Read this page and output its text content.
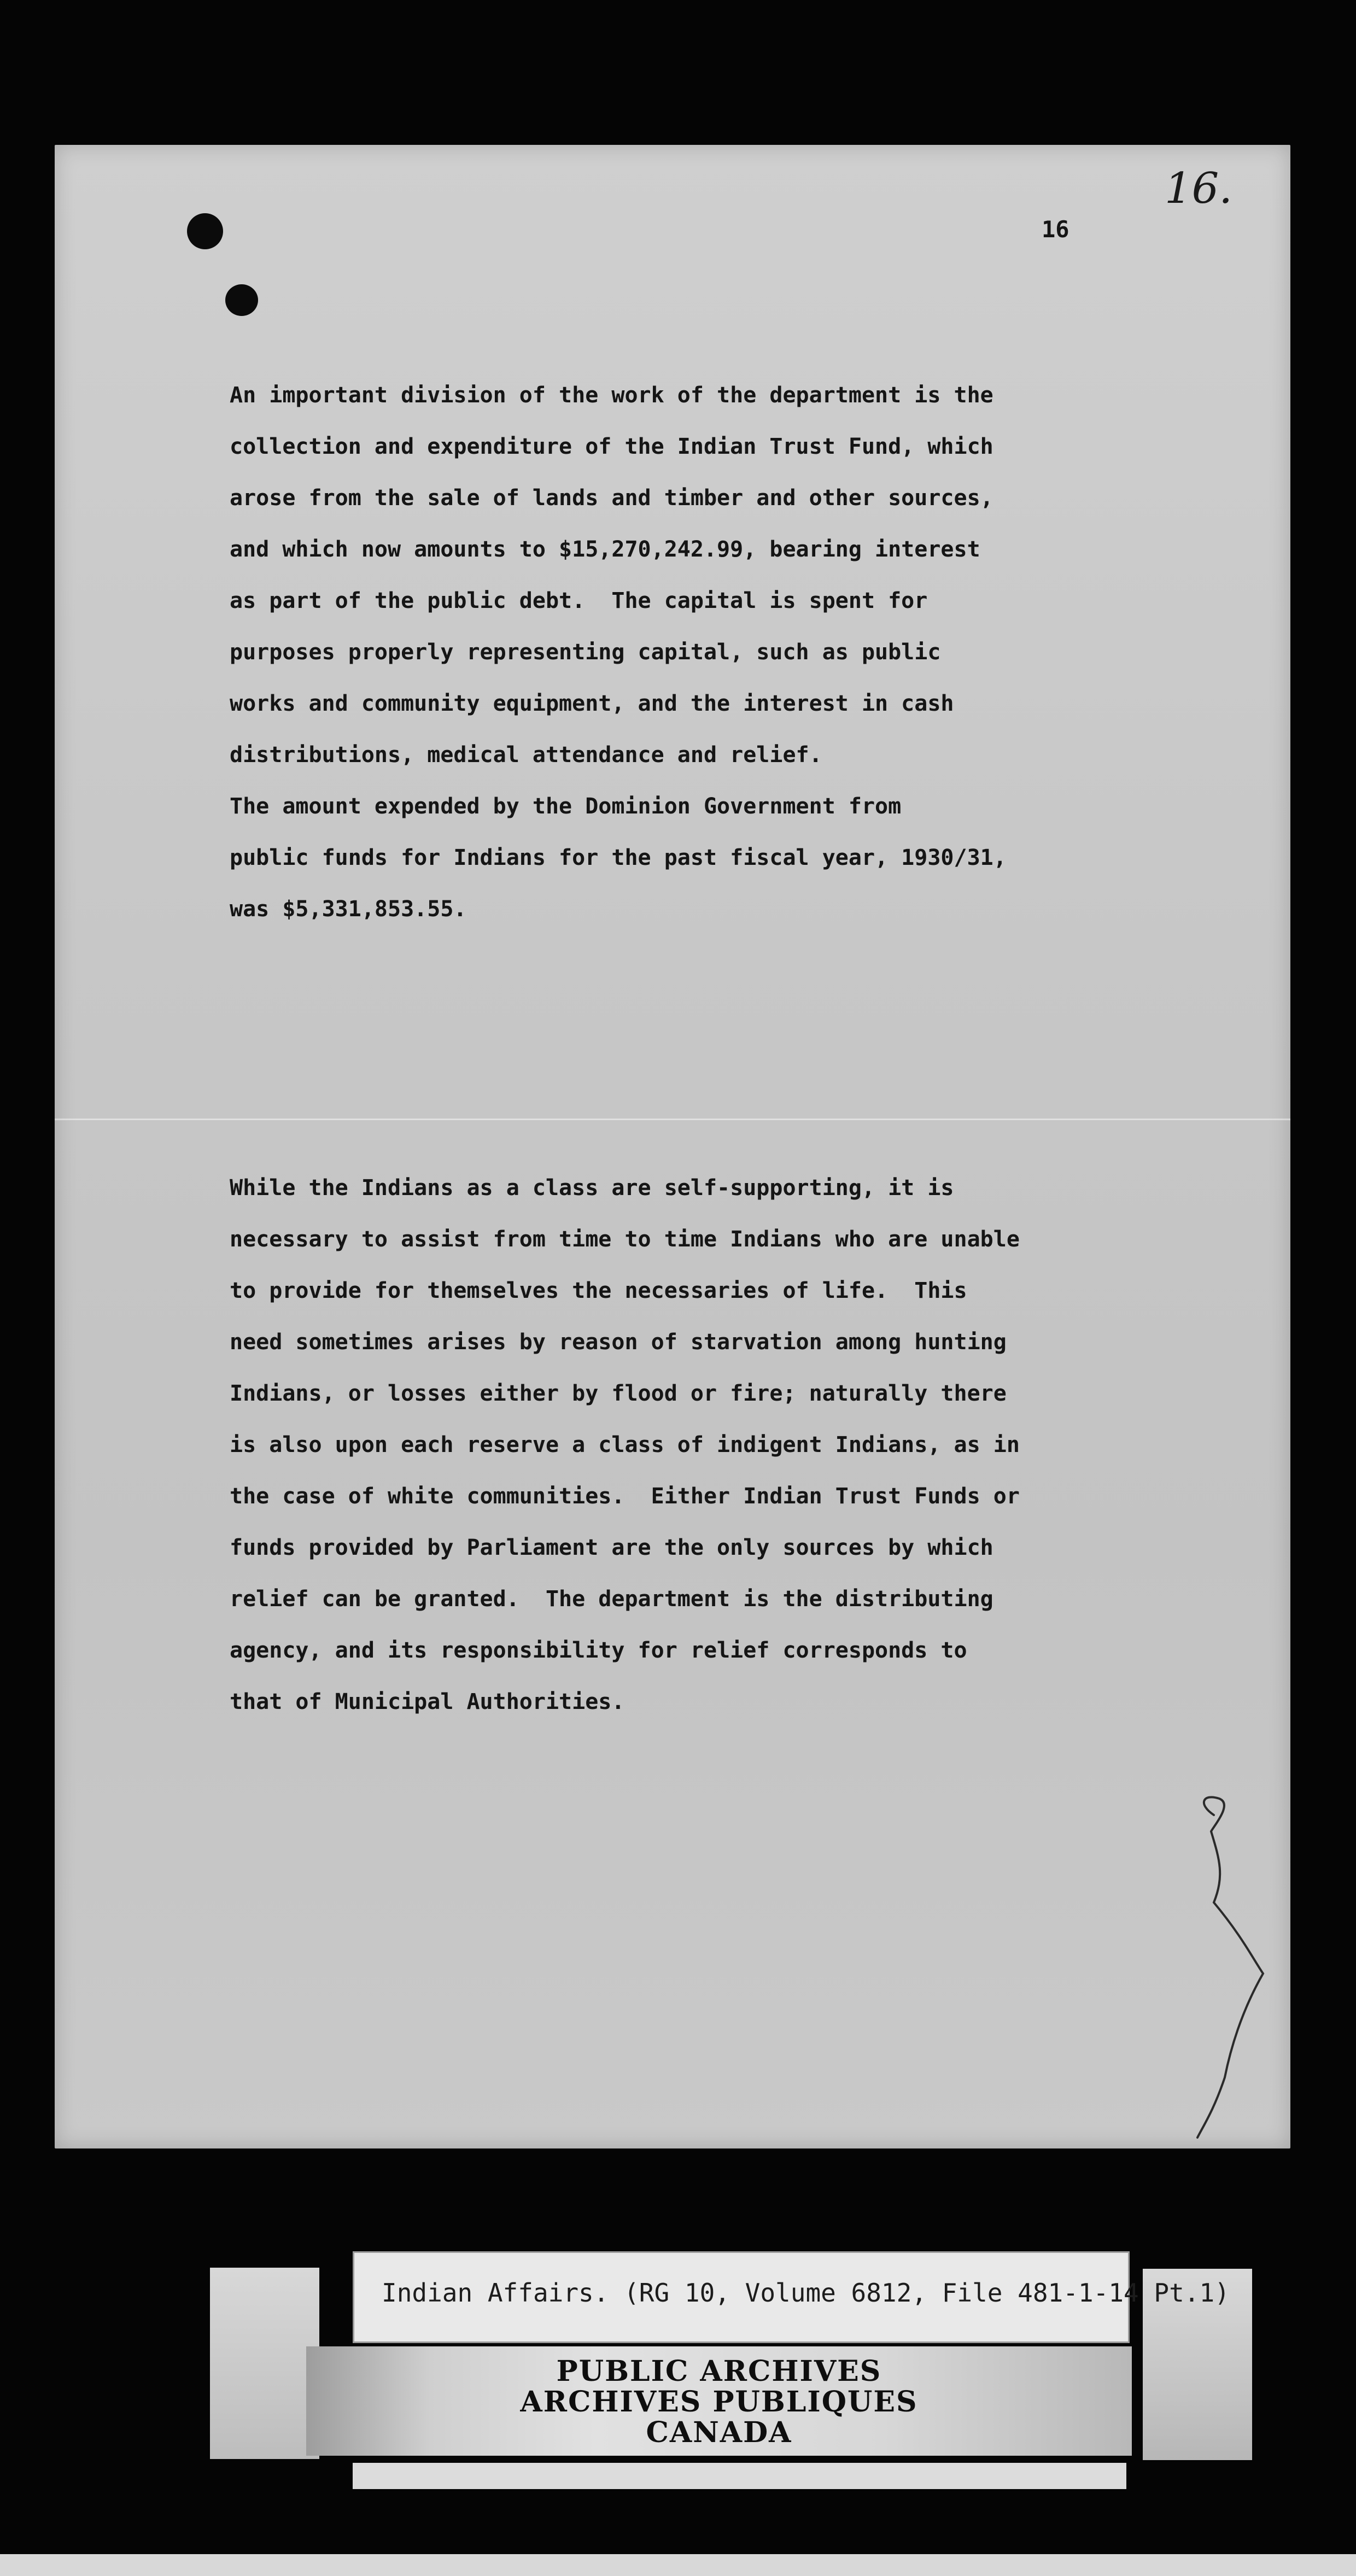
16
16.
An important division of the work of the department is the
collection and expenditure of the Indian Trust Fund, which
arose from the sale of lands and timber and other sources,
and which now amounts to $15,270,242.99, bearing interest
as part of the public debt.  The capital is spent for
purposes properly representing capital, such as public
works and community equipment, and the interest in cash
distributions, medical attendance and relief.
The amount expended by the Dominion Government from
public funds for Indians for the past fiscal year, 1930/31,
was $5,331,853.55.
While the Indians as a class are self-supporting, it is
necessary to assist from time to time Indians who are unable
to provide for themselves the necessaries of life.  This
need sometimes arises by reason of starvation among hunting
Indians, or losses either by flood or fire; naturally there
is also upon each reserve a class of indigent Indians, as in
the case of white communities.  Either Indian Trust Funds or
funds provided by Parliament are the only sources by which
relief can be granted.  The department is the distributing
agency, and its responsibility for relief corresponds to
that of Municipal Authorities.
PUBLIC ARCHIVES
ARCHIVES PUBLIQUES
CANADA

Indian Affairs. (RG 10, Volume 6812, File 481-1-14 Pt.1)
